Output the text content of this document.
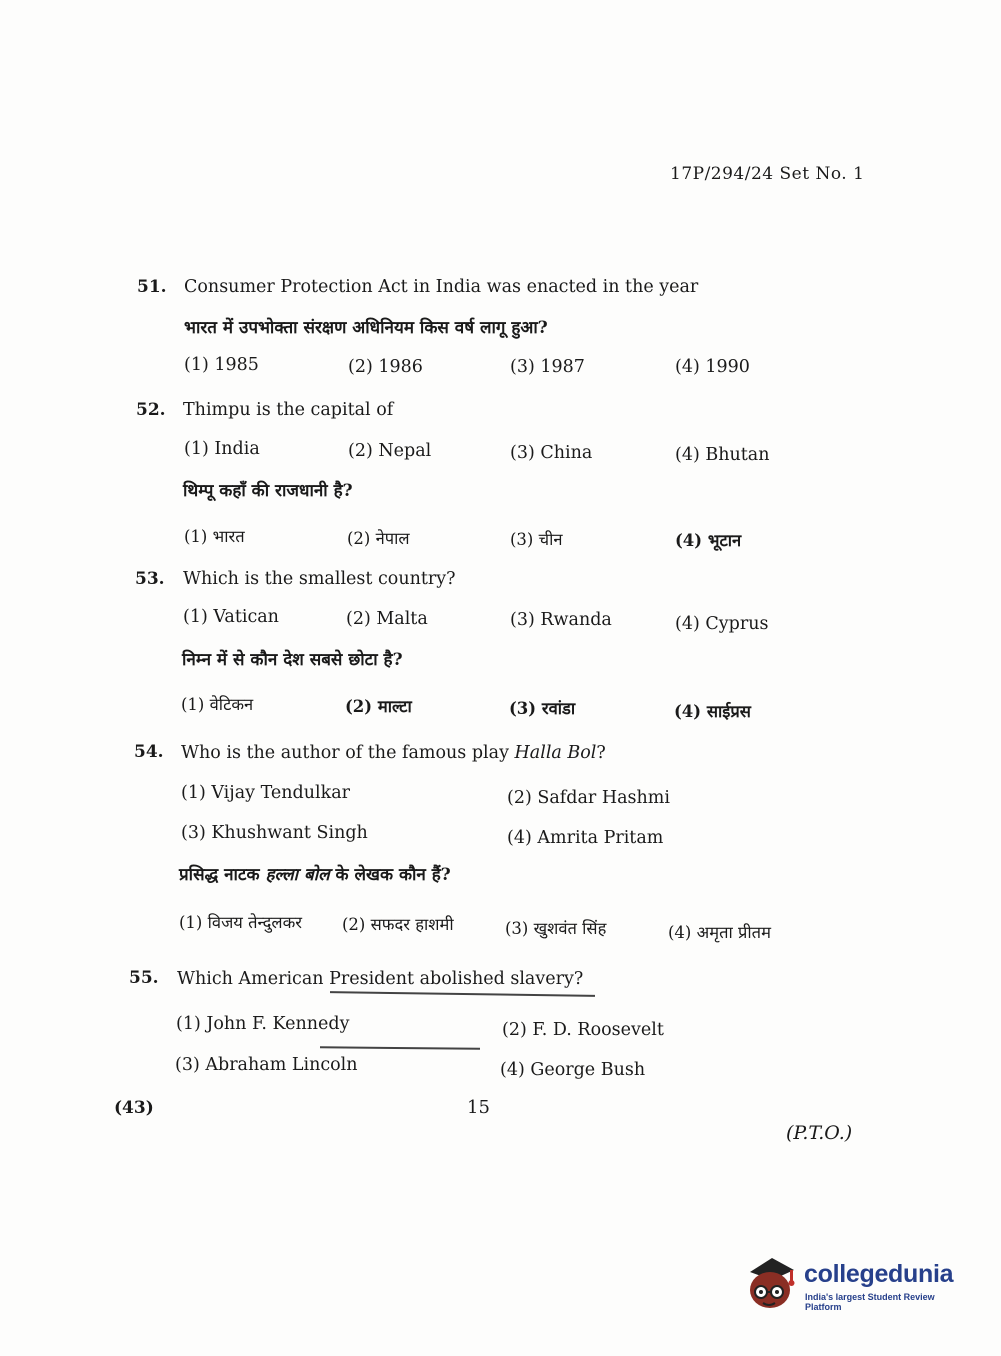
17P/294/24 Set No. 1
51. Consumer Protection Act in India was enacted in the year
भारत में उपभोक्ता संरक्षण अधिनियम किस वर्ष लागू हुआ?
(1) 1985	(2) 1986	(3) 1987	(4) 1990
52. Thimpu is the capital of
(1) India	(2) Nepal	(3) China	(4) Bhutan
थिम्पू कहाँ की राजधानी है?
(1) भारत	(2) नेपाल	(3) चीन	(4) भूटान
53. Which is the smallest country?
(1) Vatican	(2) Malta	(3) Rwanda	(4) Cyprus
निम्न में से कौन देश सबसे छोटा है?
(1) वेटिकन	(2) माल्टा	(3) रवांडा	(4) साईप्रस
54. Who is the author of the famous play Halla Bol?
(1) Vijay Tendulkar	(2) Safdar Hashmi
(3) Khushwant Singh	(4) Amrita Pritam
प्रसिद्ध नाटक हल्ला बोल के लेखक कौन हैं?
(1) विजय तेन्दुलकर (2) सफदर हाशमी	(3) खुशवंत सिंह	(4) अमृता प्रीतम
55. Which American President abolished slavery?
(1) John F. Kennedy	(2) F. D. Roosevelt
(3) Abraham Lincoln	(4) George Bush
(43)	15
(P.T.O.)
collegedunia
India's largest Student Review Platform
